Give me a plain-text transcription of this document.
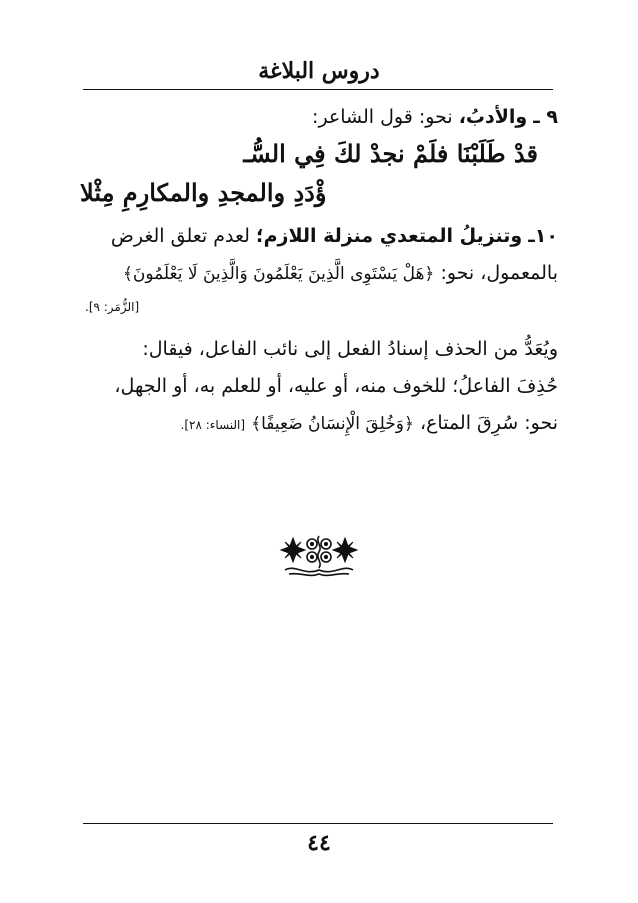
دروس البلاغة
٩ ـ والأدبُ، نحو: قول الشاعر:
قدْ طَلَبْنَا فلَمْ نجدْ لكَ فِي السُّـ
ؤْدَدِ والمجدِ والمكارِمِ مِثْلا
١٠ـ وتنزيلُ المتعدي منزلة اللازم؛ لعدم تعلق الغرض
بالمعمول، نحو: ﴿هَلْ يَسْتَوِى الَّذِينَ يَعْلَمُونَ وَالَّذِينَ لَا يَعْلَمُونَ﴾
[الزُّمَر: ٩].
ويُعَدُّ من الحذف إسنادُ الفعل إلى نائب الفاعل، فيقال:
حُذِفَ الفاعلُ؛ للخوف منه، أو عليه، أو للعلم به، أو الجهل،
نحو: سُرِقَ المتاع، ﴿وَخُلِقَ الْإِنسَانُ ضَعِيفًا﴾ [النساء: ٢٨].
٤٤
